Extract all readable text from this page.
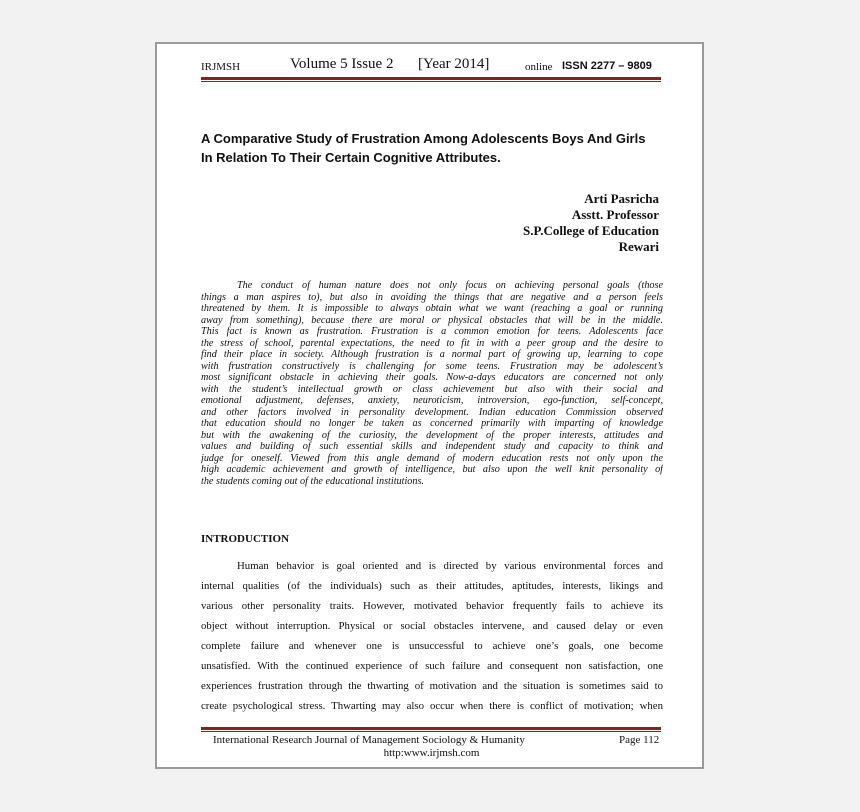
IRJMSH	Volume 5 Issue 2 [Year 2014]	online ISSN 2277 – 9809
A Comparative Study of Frustration Among Adolescents Boys And Girls
In Relation To Their Certain Cognitive Attributes.
Arti Pasricha
Asstt. Professor
S.P.College of Education
Rewari
The conduct of human nature does not only focus on achieving personal goals (those
things a man aspires to), but also in avoiding the things that are negative and a person feels
threatened by them. It is impossible to always obtain what we want (reaching a goal or running
away from something), because there are moral or physical obstacles that will be in the middle.
This fact is known as frustration. Frustration is a common emotion for teens. Adolescents face
the stress of school, parental expectations, the need to fit in with a peer group and the desire to
find their place in society. Although frustration is a normal part of growing up, learning to cope
with frustration constructively is challenging for some teens. Frustration may be adolescent’s
most significant obstacle in achieving their goals. Now-a-days educators are concerned not only
with the student’s intellectual growth or class achievement but also with their social and
emotional adjustment, defenses, anxiety, neuroticism, introversion, ego-function, self-concept,
and other factors involved in personality development. Indian education Commission observed
that education should no longer be taken as concerned primarily with imparting of knowledge
but with the awakening of the curiosity, the development of the proper interests, attitudes and
values and building of such essential skills and independent study and capacity to think and
judge for oneself. Viewed from this angle demand of modern education rests not only upon the
high academic achievement and growth of intelligence, but also upon the well knit personality of
the students coming out of the educational institutions.
INTRODUCTION
Human behavior is goal oriented and is directed by various environmental forces and
internal qualities (of the individuals) such as their attitudes, aptitudes, interests, likings and
various other personality traits. However, motivated behavior frequently fails to achieve its
object without interruption. Physical or social obstacles intervene, and caused delay or even
complete failure and whenever one is unsuccessful to achieve one’s goals, one become
unsatisfied. With the continued experience of such failure and consequent non satisfaction, one
experiences frustration through the thwarting of motivation and the situation is sometimes said to
create psychological stress. Thwarting may also occur when there is conflict of motivation; when
International Research Journal of Management Sociology & Humanity	Page 112
http:www.irjmsh.com
